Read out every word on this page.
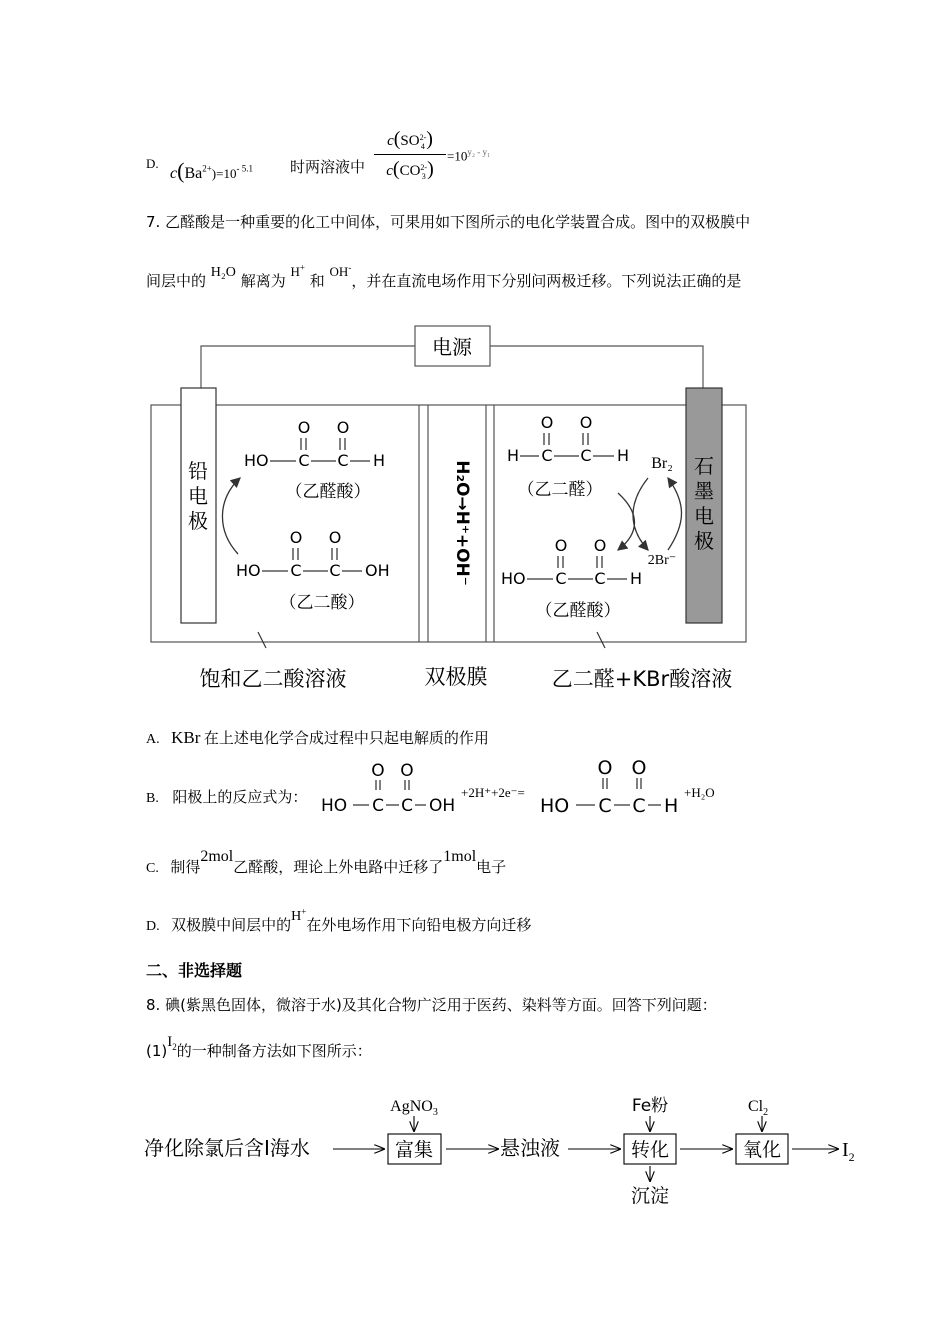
D.
$c(Ba^{2+})=10^{- 5.1}$ 时两溶液中
c(SO2-
4)
c(CO2-
3)
$=10^{y_2 - y_1}$
7. 乙醛酸是一种重要的化工中间体，可果用如下图所示的电化学装置合成。图中的双极膜中
间层中的 H₂O 解离为 H+ 和 OH-，并在直流电场作用下分别问两极迁移。下列说法正确的是
电源
铅电极
石墨电极
H₂O→H⁺+OH⁻
O O
HO C C H
（乙醛酸）
O O
HO C C OH
（乙二酸）
O O
H C C H
（乙二醛）
O O
HO C C H
（乙醛酸）
Br₂
2Br⁻
饱和乙二酸溶液	双极膜	乙二醛+KBr酸溶液
A. KBr 在上述电化学合成过程中只起电解质的作用
B. 阳极上的反应式为：
O O
HO C C OH
+2H⁺+2e⁻=
O O
HO C C H
+H₂O
C. 制得2mol乙醛酸，理论上外电路中迁移了1mol电子
D. 双极膜中间层中的H+在外电场作用下向铅电极方向迁移
二、非选择题
8. 碘(紫黑色固体，微溶于水)及其化合物广泛用于医药、染料等方面。回答下列问题：
$(1)I_2$的一种制备方法如下图所示：
净化除氯后含I海水	富集
AgNO$_3$
悬浊液	转化
Fe粉
沉淀
氧化
$Cl_2$
$I_2$
